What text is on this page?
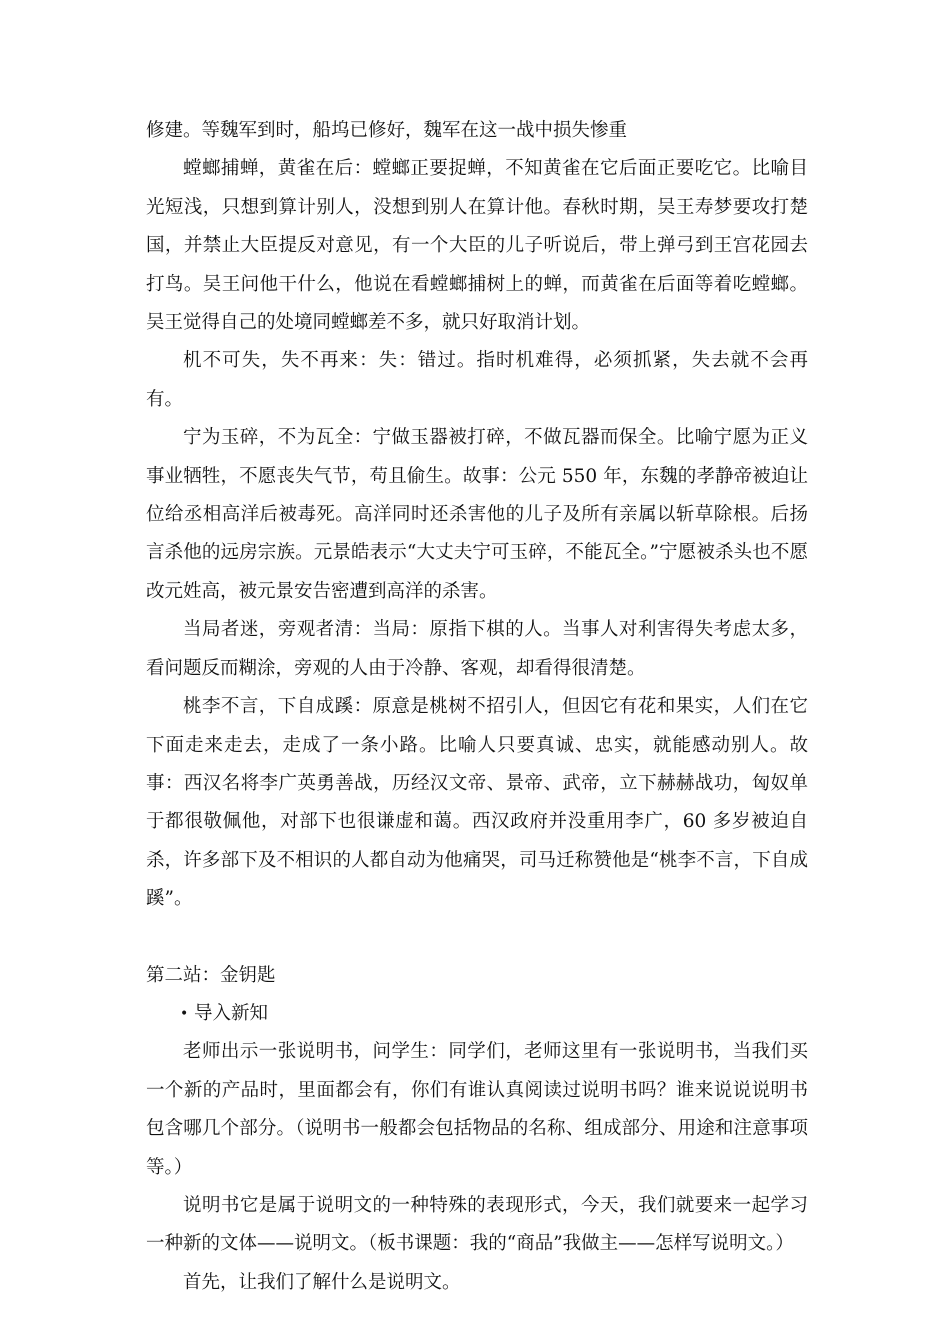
修建。等魏军到时，船坞已修好，魏军在这一战中损失惨重

螳螂捕蝉，黄雀在后：螳螂正要捉蝉，不知黄雀在它后面正要吃它。比喻目光短浅，只想到算计别人，没想到别人在算计他。春秋时期，吴王寿梦要攻打楚国，并禁止大臣提反对意见，有一个大臣的儿子听说后，带上弹弓到王宫花园去打鸟。吴王问他干什么，他说在看螳螂捕树上的蝉，而黄雀在后面等着吃螳螂。吴王觉得自己的处境同螳螂差不多，就只好取消计划。

机不可失，失不再来：失：错过。指时机难得，必须抓紧，失去就不会再有。

宁为玉碎，不为瓦全：宁做玉器被打碎，不做瓦器而保全。比喻宁愿为正义事业牺牲，不愿丧失气节，苟且偷生。故事：公元 550 年，东魏的孝静帝被迫让位给丞相高洋后被毒死。高洋同时还杀害他的儿子及所有亲属以斩草除根。后扬言杀他的远房宗族。元景皓表示“大丈夫宁可玉碎，不能瓦全。”宁愿被杀头也不愿改元姓高，被元景安告密遭到高洋的杀害。

当局者迷，旁观者清：当局：原指下棋的人。当事人对利害得失考虑太多，看问题反而糊涂，旁观的人由于冷静、客观，却看得很清楚。

桃李不言，下自成蹊：原意是桃树不招引人，但因它有花和果实，人们在它下面走来走去，走成了一条小路。比喻人只要真诚、忠实，就能感动别人。故事：西汉名将李广英勇善战，历经汉文帝、景帝、武帝，立下赫赫战功，匈奴单于都很敬佩他，对部下也很谦虚和蔼。西汉政府并没重用李广，60 多岁被迫自杀，许多部下及不相识的人都自动为他痛哭，司马迁称赞他是“桃李不言，下自成蹊”。

第二站：金钥匙

• 导入新知

老师出示一张说明书，问学生：同学们，老师这里有一张说明书，当我们买一个新的产品时，里面都会有，你们有谁认真阅读过说明书吗？谁来说说说明书包含哪几个部分。（说明书一般都会包括物品的名称、组成部分、用途和注意事项等。）

说明书它是属于说明文的一种特殊的表现形式，今天，我们就要来一起学习一种新的文体——说明文。（板书课题：我的“商品”我做主——怎样写说明文。）

首先，让我们了解什么是说明文。
